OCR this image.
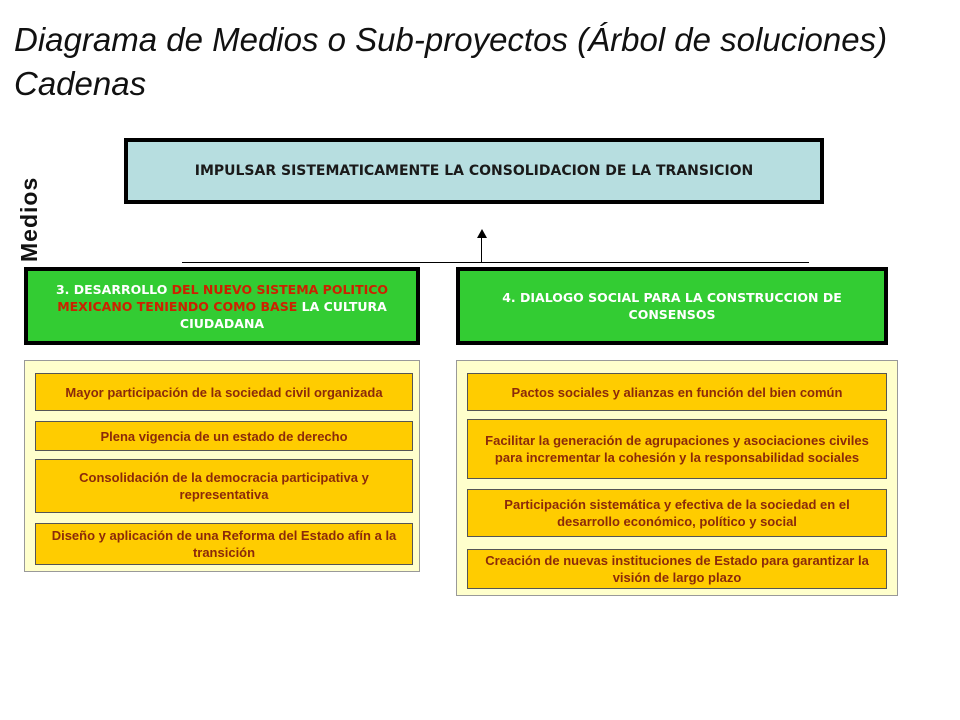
Diagrama de Medios o Sub-proyectos (Árbol de soluciones) Cadenas
Medios
IMPULSAR SISTEMATICAMENTE LA CONSOLIDACION DE LA TRANSICION
3. DESARROLLO DEL NUEVO SISTEMA POLITICO MEXICANO TENIENDO COMO BASE LA CULTURA CIUDADANA
4. DIALOGO SOCIAL PARA LA CONSTRUCCION DE CONSENSOS
Mayor participación de la sociedad civil organizada
Plena vigencia de un estado de derecho
Consolidación de la democracia participativa y representativa
Diseño y aplicación de una Reforma del Estado afín a la transición
Pactos sociales y alianzas en función del bien común
Facilitar la generación de agrupaciones y asociaciones civiles para incrementar la cohesión y la responsabilidad sociales
Participación sistemática y efectiva de la sociedad en el desarrollo económico, político y social
Creación de nuevas instituciones de Estado para garantizar la visión de largo plazo
